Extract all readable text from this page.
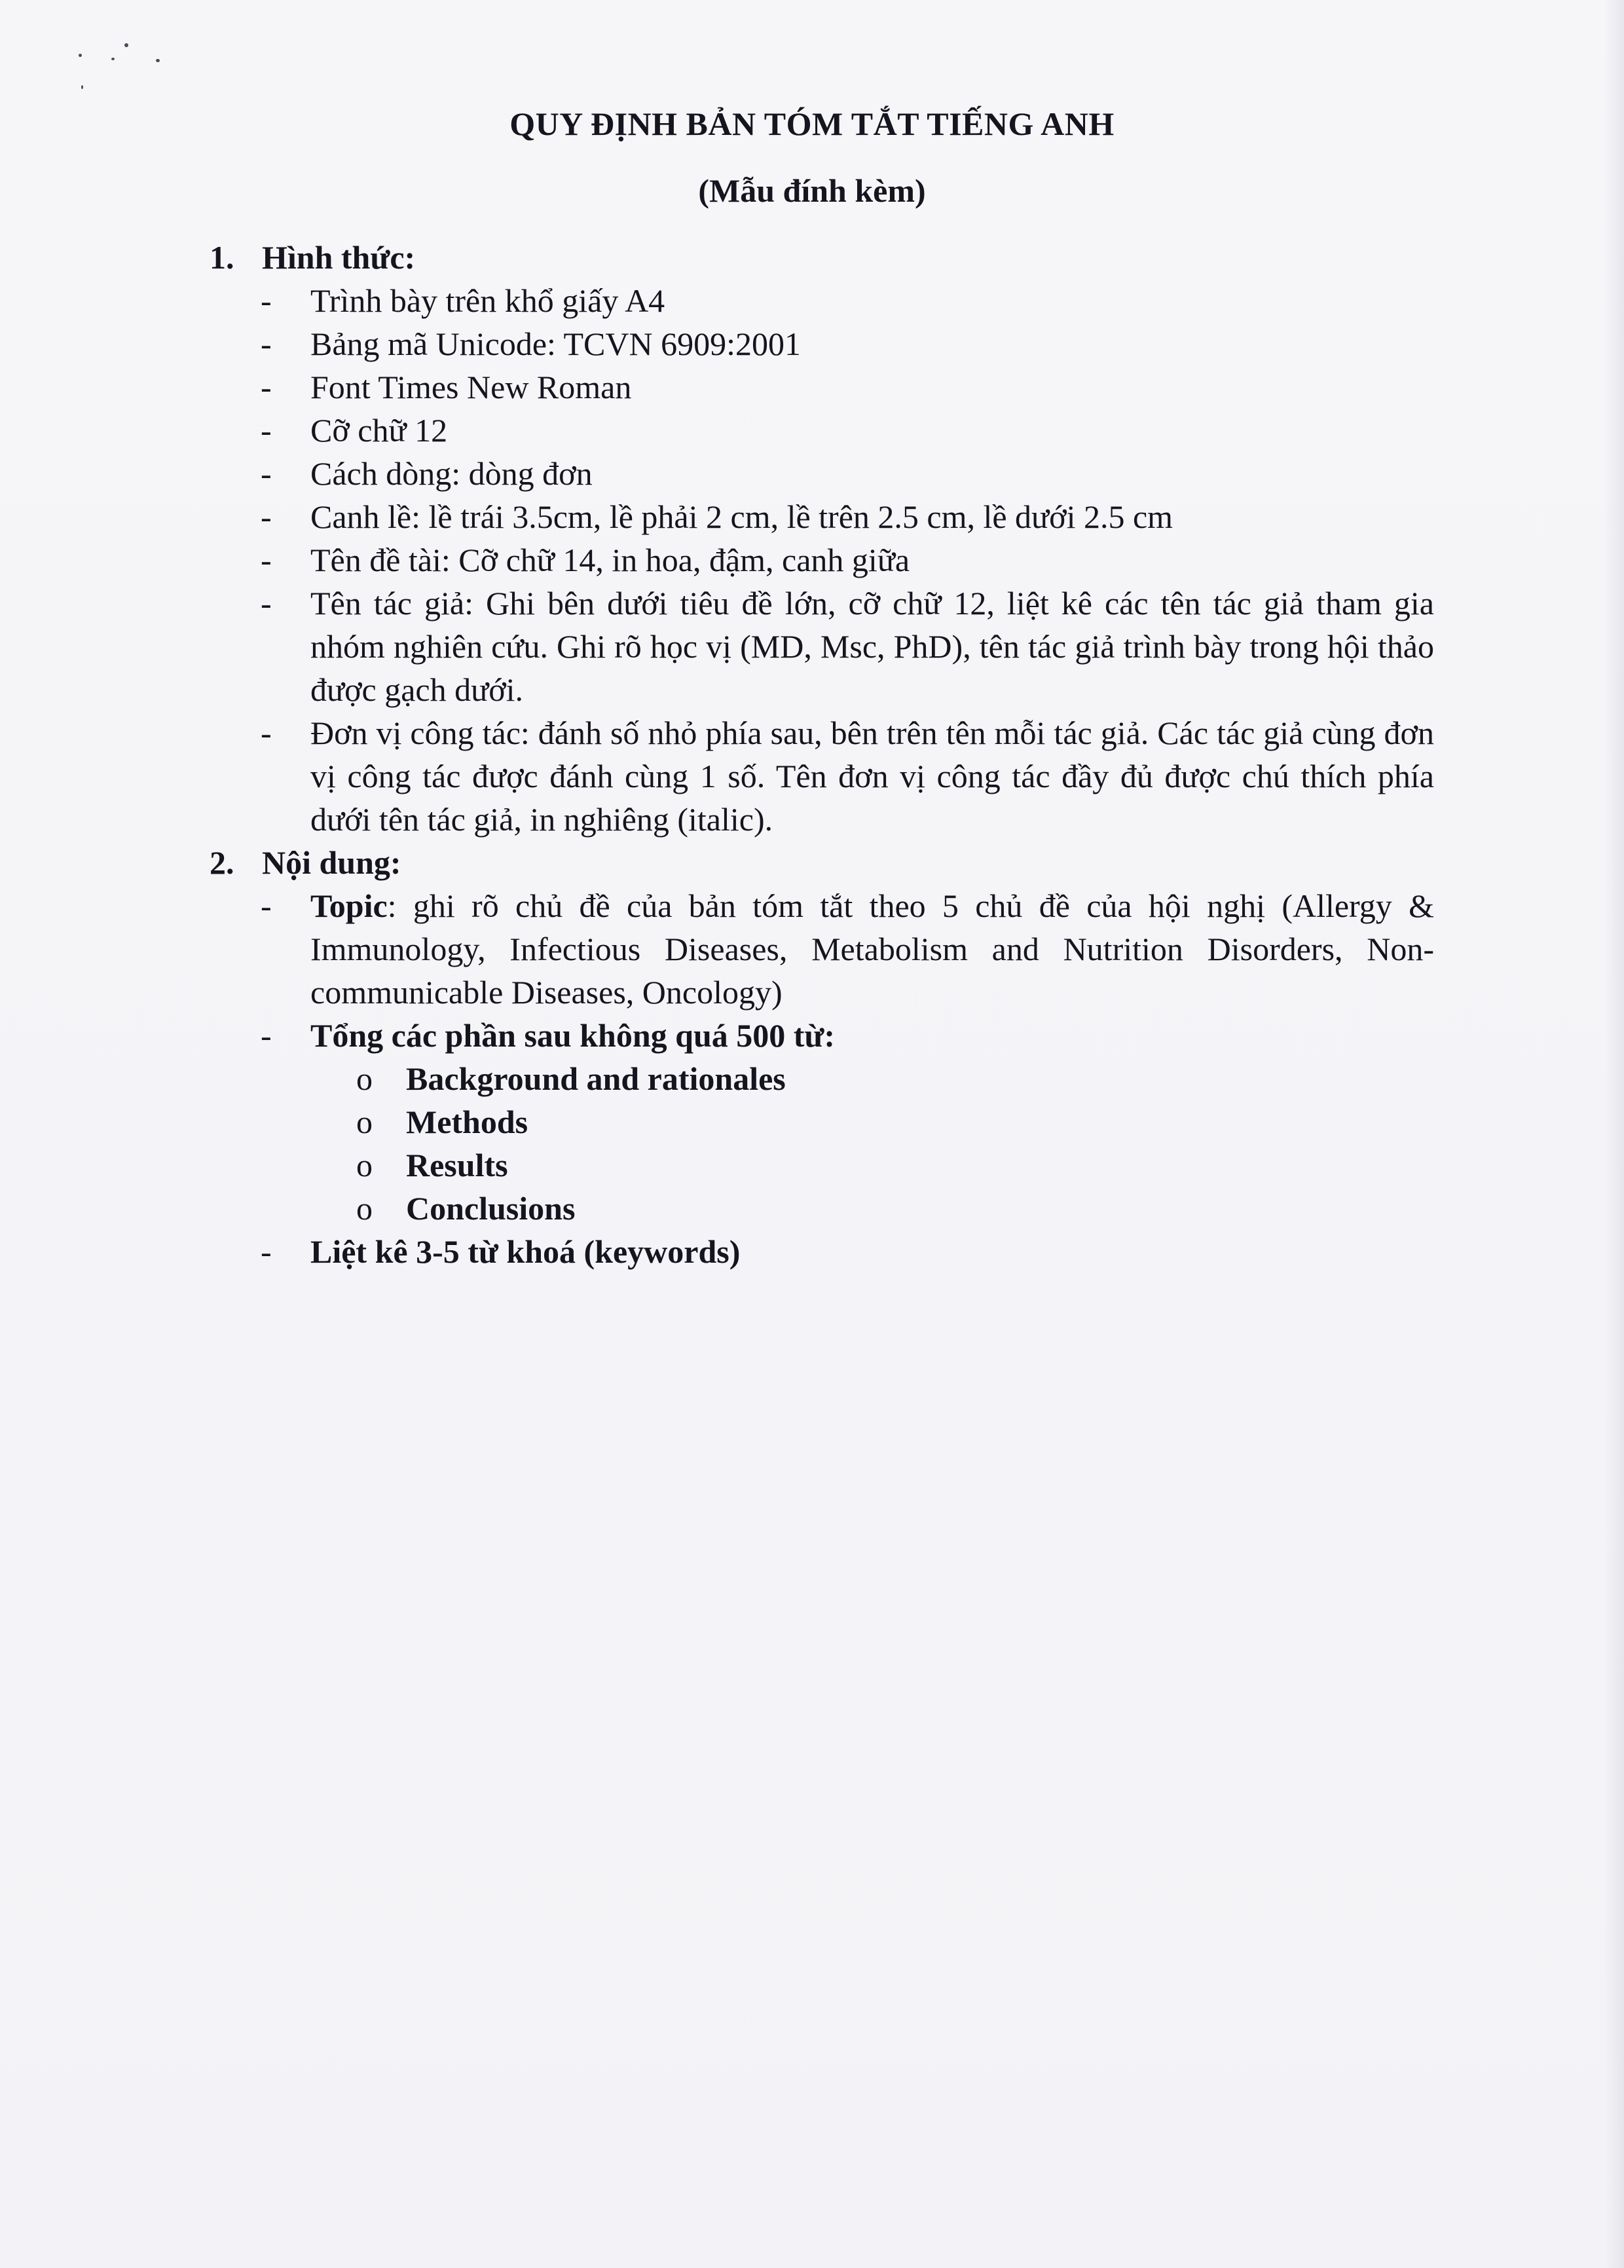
QUY ĐỊNH BẢN TÓM TẮT TIẾNG ANH
(Mẫu đính kèm)
1. Hình thức:
- Trình bày trên khổ giấy A4
- Bảng mã Unicode: TCVN 6909:2001
- Font Times New Roman
- Cỡ chữ 12
- Cách dòng: dòng đơn
- Canh lề: lề trái 3.5cm, lề phải 2 cm, lề trên 2.5 cm, lề dưới 2.5 cm
- Tên đề tài: Cỡ chữ 14, in hoa, đậm, canh giữa
- Tên tác giả: Ghi bên dưới tiêu đề lớn, cỡ chữ 12, liệt kê các tên tác giả tham gia nhóm nghiên cứu. Ghi rõ học vị (MD, Msc, PhD), tên tác giả trình bày trong hội thảo được gạch dưới.
- Đơn vị công tác: đánh số nhỏ phía sau, bên trên tên mỗi tác giả. Các tác giả cùng đơn vị công tác được đánh cùng 1 số. Tên đơn vị công tác đầy đủ được chú thích phía dưới tên tác giả, in nghiêng (italic).
2. Nội dung:
- Topic: ghi rõ chủ đề của bản tóm tắt theo 5 chủ đề của hội nghị (Allergy & Immunology, Infectious Diseases, Metabolism and Nutrition Disorders, Non-communicable Diseases, Oncology)
- Tổng các phần sau không quá 500 từ:
o Background and rationales
o Methods
o Results
o Conclusions
- Liệt kê 3-5 từ khoá (keywords)
